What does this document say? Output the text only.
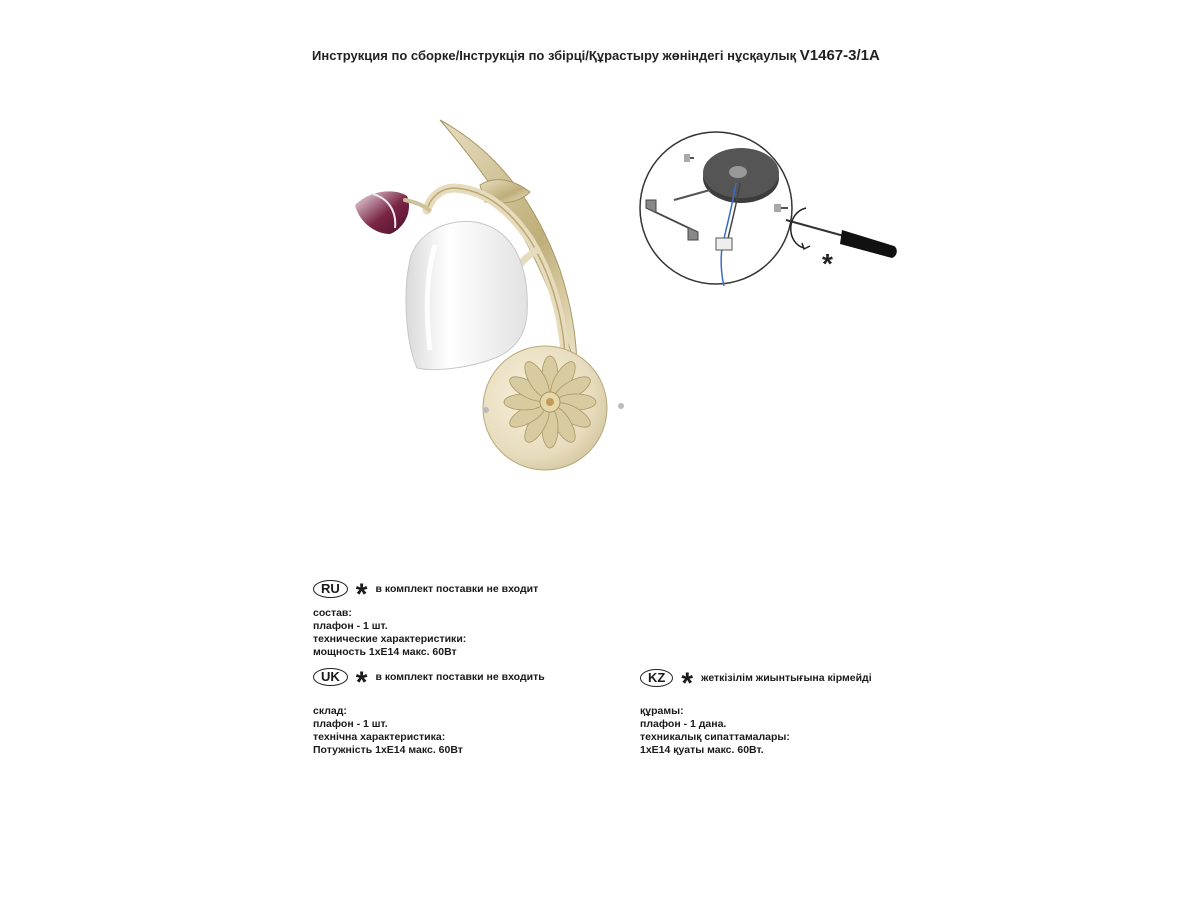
Инструкция по сборке/Інструкція по збірці/Құрастыру жөніндегі нұсқаулық V1467-3/1A
*
RU * в комплект поставки не входит
состав:
плафон - 1 шт.
технические характеристики:
мощность 1хЕ14 макс. 60Вт
UK * в комплект поставки не входить
склад:
плафон - 1 шт.
технічна характеристика:
Потужність 1хЕ14 макс. 60Вт
KZ * жеткізілім жиынтығына кірмейді
құрамы:
плафон - 1 дана.
техникалық сипаттамалары:
1хЕ14 қуаты макс. 60Вт.
